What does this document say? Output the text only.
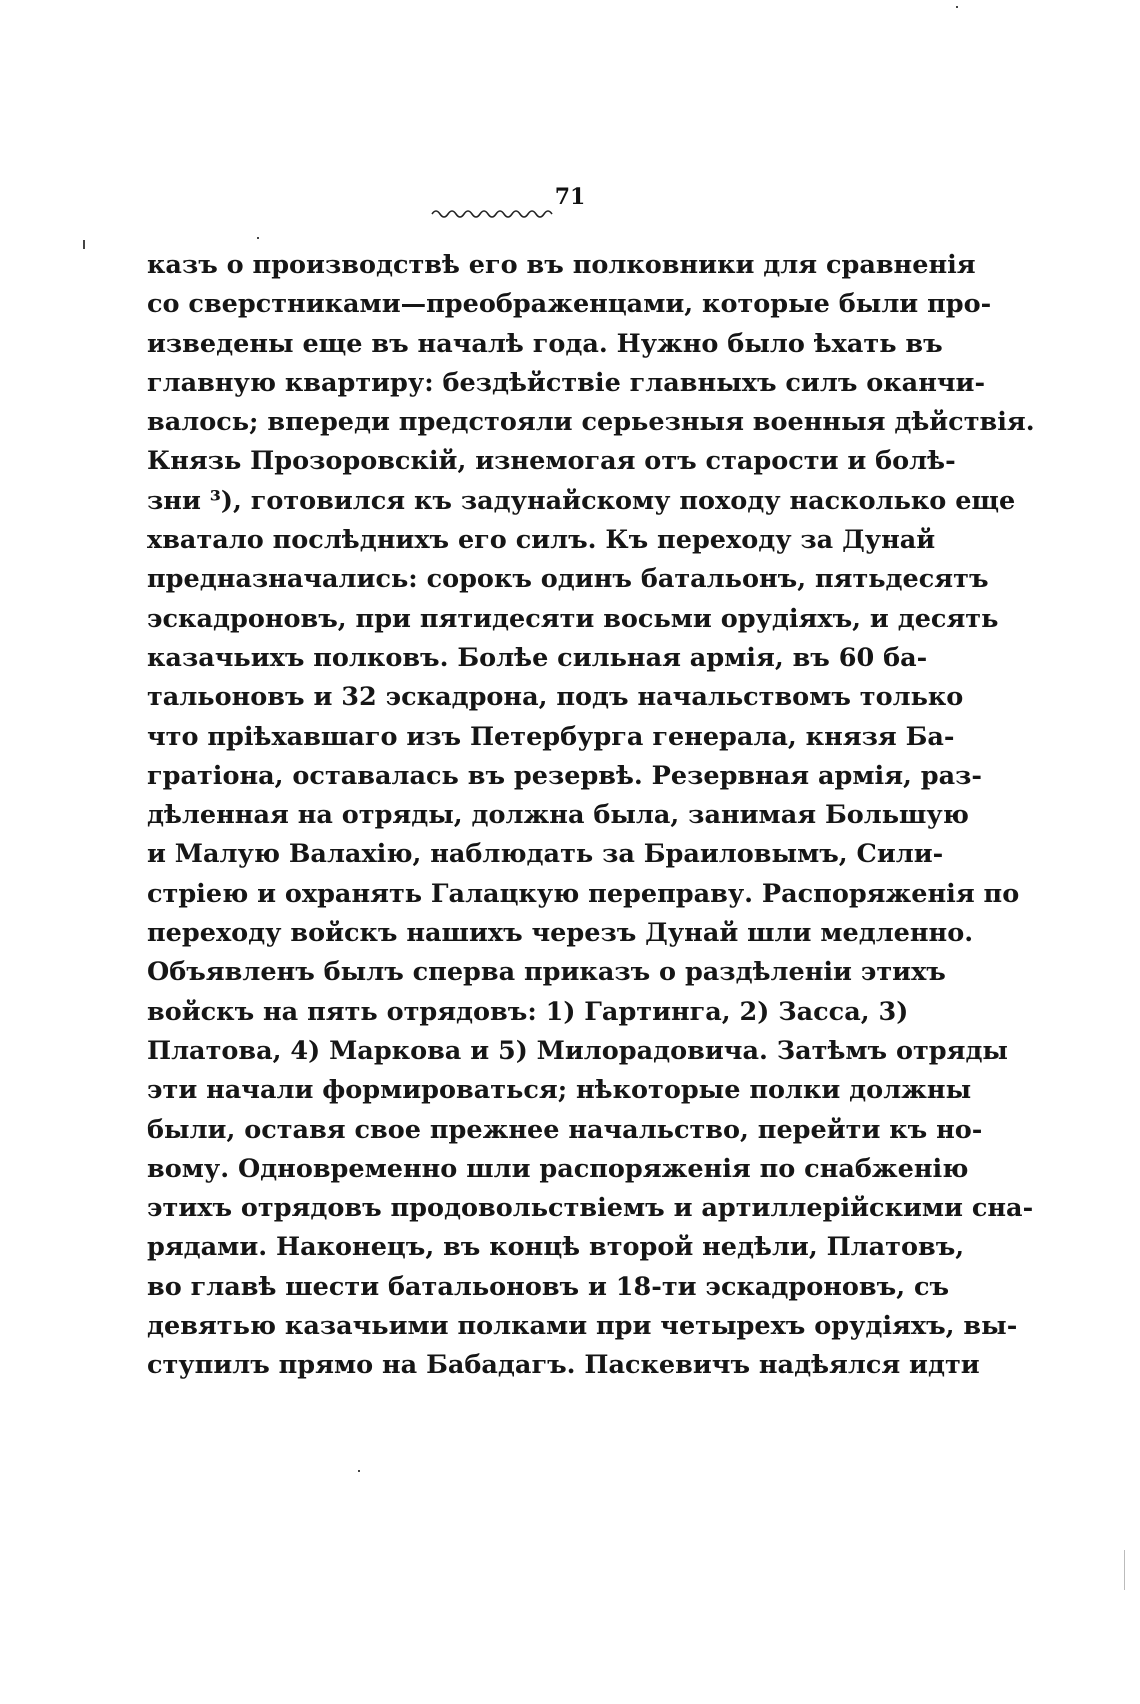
71
казъ о производствѣ его въ полковники для сравненія
со сверстниками—преображенцами, которые были про-
изведены еще въ началѣ года. Нужно было ѣхать въ
главную квартиру: бездѣйствіе главныхъ силъ оканчи-
валось; впереди предстояли серьезныя военныя дѣйствія.
Князь Прозоровскій, изнемогая отъ старости и болѣ-
зни ³), готовился къ задунайскому походу насколько еще
хватало послѣднихъ его силъ. Къ переходу за Дунай
предназначались: сорокъ одинъ батальонъ, пятьдесятъ
эскадроновъ, при пятидесяти восьми орудіяхъ, и десять
казачьихъ полковъ. Болѣе сильная армія, въ 60 ба-
тальоновъ и 32 эскадрона, подъ начальствомъ только
что пріѣхавшаго изъ Петербурга генерала, князя Ба-
гратіона, оставалась въ резервѣ. Резервная армія, раз-
дѣленная на отряды, должна была, занимая Большую
и Малую Валахію, наблюдать за Браиловымъ, Сили-
стріею и охранять Галацкую переправу. Распоряженія по
переходу войскъ нашихъ черезъ Дунай шли медленно.
Объявленъ былъ сперва приказъ о раздѣленіи этихъ
войскъ на пять отрядовъ: 1) Гартинга, 2) Засса, 3)
Платова, 4) Маркова и 5) Милорадовича. Затѣмъ отряды
эти начали формироваться; нѣкоторые полки должны
были, оставя свое прежнее начальство, перейти къ но-
вому. Одновременно шли распоряженія по снабженію
этихъ отрядовъ продовольствіемъ и артиллерійскими сна-
рядами. Наконецъ, въ концѣ второй недѣли, Платовъ,
во главѣ шести батальоновъ и 18-ти эскадроновъ, съ
девятью казачьими полками при четырехъ орудіяхъ, вы-
ступилъ прямо на Бабадагъ. Паскевичъ надѣялся идти
